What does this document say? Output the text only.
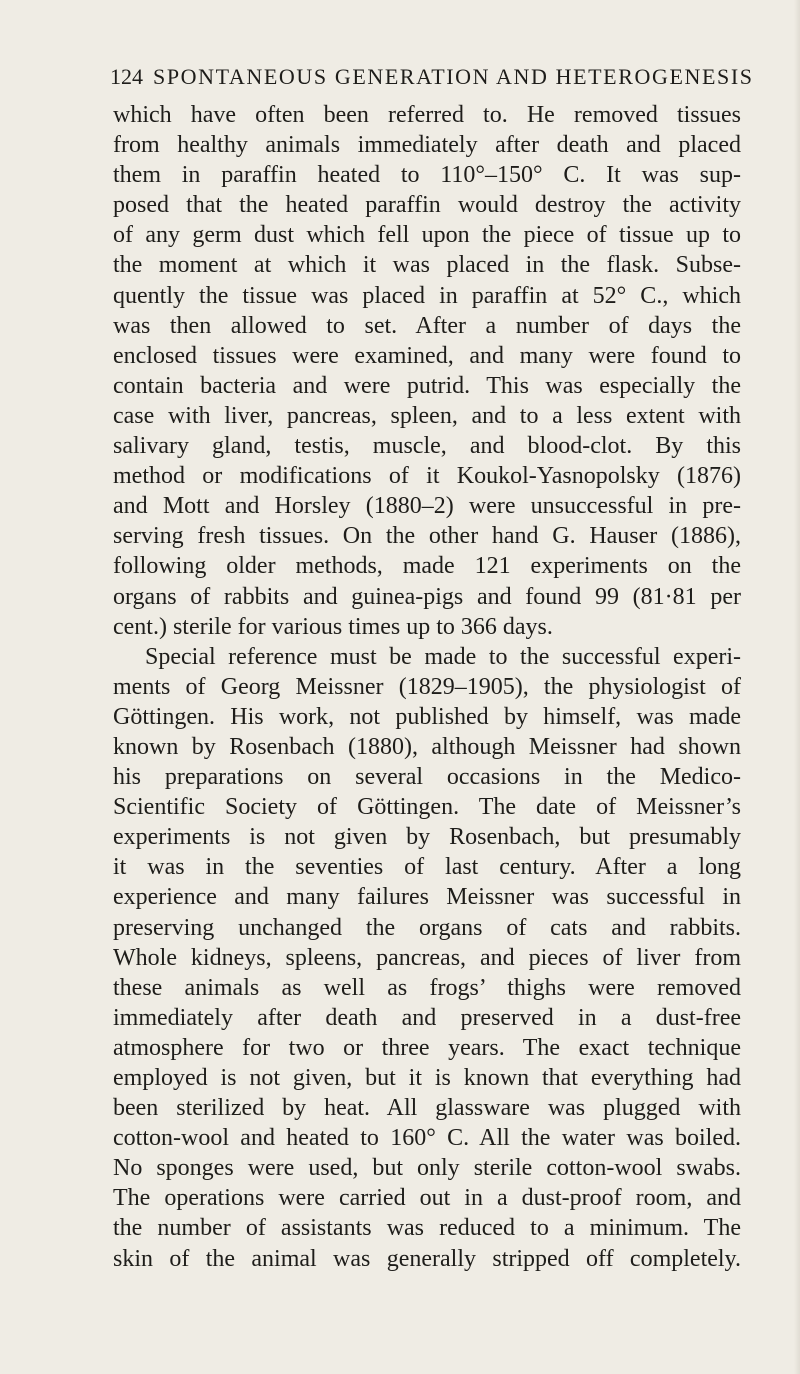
124 SPONTANEOUS GENERATION AND HETEROGENESIS
which have often been referred to. He removed tissues
from healthy animals immediately after death and placed
them in paraffin heated to 110°–150° C. It was sup-
posed that the heated paraffin would destroy the activity
of any germ dust which fell upon the piece of tissue up to
the moment at which it was placed in the flask. Subse-
quently the tissue was placed in paraffin at 52° C., which
was then allowed to set. After a number of days the
enclosed tissues were examined, and many were found to
contain bacteria and were putrid. This was especially the
case with liver, pancreas, spleen, and to a less extent with
salivary gland, testis, muscle, and blood-clot. By this
method or modifications of it Koukol-Yasnopolsky (1876)
and Mott and Horsley (1880–2) were unsuccessful in pre-
serving fresh tissues. On the other hand G. Hauser (1886),
following older methods, made 121 experiments on the
organs of rabbits and guinea-pigs and found 99 (81·81 per
cent.) sterile for various times up to 366 days.
Special reference must be made to the successful experi-
ments of Georg Meissner (1829–1905), the physiologist of
Göttingen. His work, not published by himself, was made
known by Rosenbach (1880), although Meissner had shown
his preparations on several occasions in the Medico-
Scientific Society of Göttingen. The date of Meissner’s
experiments is not given by Rosenbach, but presumably
it was in the seventies of last century. After a long
experience and many failures Meissner was successful in
preserving unchanged the organs of cats and rabbits.
Whole kidneys, spleens, pancreas, and pieces of liver from
these animals as well as frogs’ thighs were removed
immediately after death and preserved in a dust-free
atmosphere for two or three years. The exact technique
employed is not given, but it is known that everything had
been sterilized by heat. All glassware was plugged with
cotton-wool and heated to 160° C. All the water was boiled.
No sponges were used, but only sterile cotton-wool swabs.
The operations were carried out in a dust-proof room, and
the number of assistants was reduced to a minimum. The
skin of the animal was generally stripped off completely.
